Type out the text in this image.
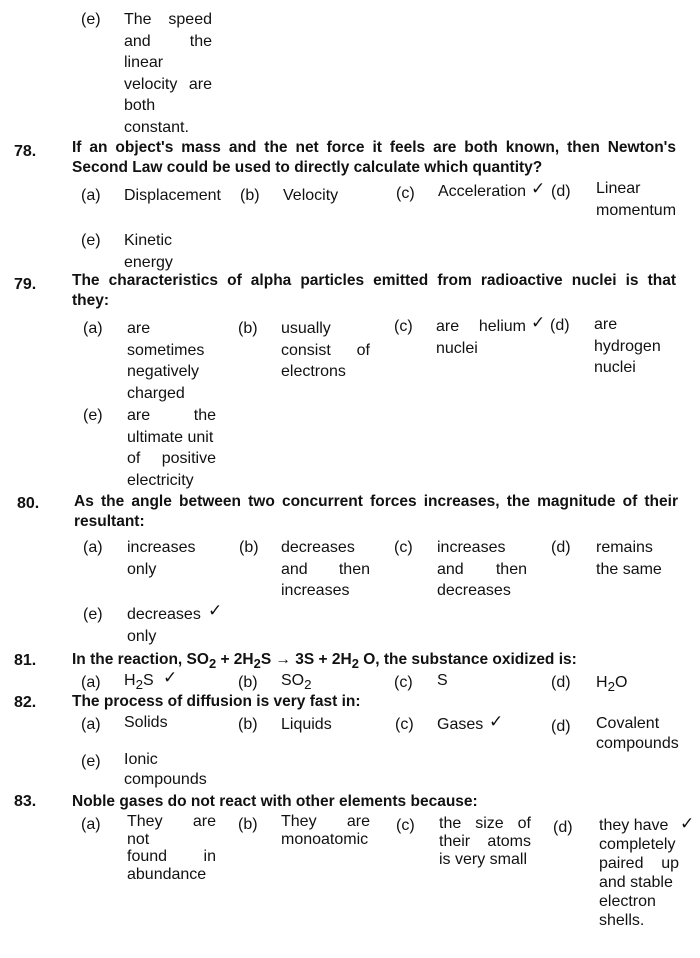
(e) The speed
and the
linear
velocity are
both
constant.
78. If an object's mass and the net force it feels are both known, then Newton's
Second Law could be used to directly calculate which quantity?
(a) Displacement (b) Velocity	(c) Acceleration ✓ (d) Linear
momentum
(e) Kinetic
energy
79. The characteristics of alpha particles emitted from radioactive nuclei is that
they:
(a) are
sometimes
negatively
charged
(b) usually
consist of
electrons
(c) are helium
nuclei
✓ (d) are
hydrogen
nuclei
(e) are the
ultimate unit
of positive
electricity
80. As the angle between two concurrent forces increases, the magnitude of their
resultant:
(a) increases
only
(b) decreases
and then
increases
(c) increases
and then
decreases
(d) remains
the same
(e) decreases
only
✓
81. In the reaction, $SO_2 + 2H_2S \to 3S + 2H_2$ O, the substance oxidized is:
(a) $H_2S$ ✓	(b) $SO_2$	(c) S	(d) $H_2O$
82. The process of diffusion is very fast in:
(a) Solids	(b) Liquids	(c) Gases ✓	(d) Covalent
compounds
(e) Ionic
compounds
83. Noble gases do not react with other elements because:
(a) They are not
found in
abundance
(b) They are
monoatomic
(c) the size of
their atoms
is very small
(d) they have
completely
paired up
and stable
electron
shells.
✓
